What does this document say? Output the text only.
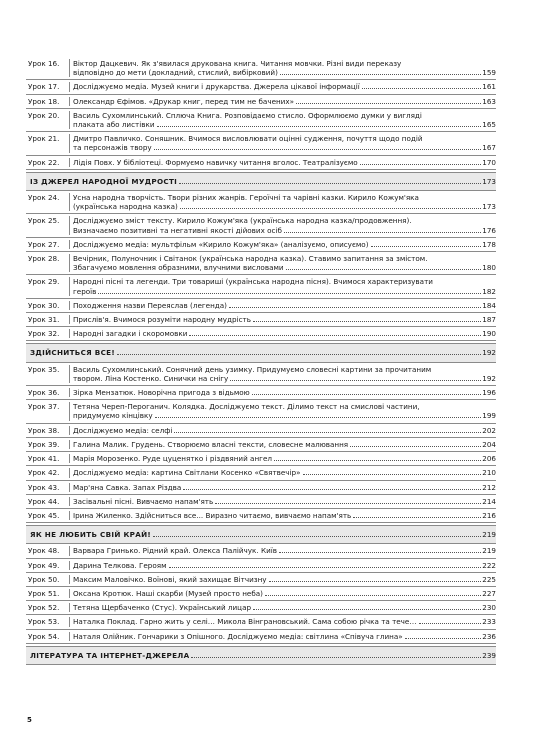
Урок 16.	Віктор Дацкевич. Як з'явилася друкована книга. Читання мовчки. Різні види переказу
відповідно до мети (докладний, стислий, вибірковий)	159
Урок 17.	Досліджуємо медіа. Музей книги і друкарства. Джерела цікавої інформації	161
Урок 18.	Олександр Єфімов. «Друкар книг, перед тим не бачених»	163
Урок 20.	Василь Сухомлинський. Сплюча Книга. Розповідаємо стисло. Оформлюємо думки у вигляді
плаката або листівки	165
Урок 21.	Дмитро Павличко. Соняшник. Вчимося висловлювати оцінні судження, почуття щодо подій
та персонажів твору	167
Урок 22.	Лідія Повх. У бібліотеці. Формуємо навичку читання вголос. Театралізуємо	170
ІЗ ДЖЕРЕЛ НАРОДНОЇ МУДРОСТІ	173
Урок 24.	Усна народна творчість. Твори різних жанрів. Героїчні та чарівні казки. Кирило Кожум'яка
(українська народна казка)	173
Урок 25.	Досліджуємо зміст тексту. Кирило Кожум'яка (українська народна казка/продовження).
Визначаємо позитивні та негативні якості дійових осіб	176
Урок 27.	Досліджуємо медіа: мультфільм «Кирило Кожум'яка» (аналізуємо, описуємо)	178
Урок 28.	Вечірник, Полуночник і Світанок (українська народна казка). Ставимо запитання за змістом.
Збагачуємо мовлення образними, влучними висловами	180
Урок 29.	Народні пісні та легенди. Три товариші (українська народна пісня). Вчимося характеризувати
героїв	182
Урок 30.	Походження назви Переяслав (легенда)	184
Урок 31.	Прислів'я. Вчимося розуміти народну мудрість	187
Урок 32.	Народні загадки і скоромовки	190
ЗДІЙСНИТЬСЯ ВСЕ!	192
Урок 35.	Василь Сухомлинський. Сонячний день узимку. Придумуємо словесні картини за прочитаним
твором. Ліна Костенко. Синички на снігу	192
Урок 36.	Зірка Мензатюк. Новорічна пригода з відьмою	196
Урок 37.	Тетяна Череп-Пероганич. Колядка. Досліджуємо текст. Ділимо текст на смислові частини,
придумуємо кінцівку	199
Урок 38.	Досліджуємо медіа: селфі	202
Урок 39.	Галина Малик. Грудень. Створюємо власні тексти, словесне малювання	204
Урок 41.	Марія Морозенко. Руде цуценятко і різдвяний ангел	206
Урок 42.	Досліджуємо медіа: картина Світлани Косенко «Святвечір»	210
Урок 43.	Мар'яна Савка. Запах Різдва	212
Урок 44.	Засівальні пісні. Вивчаємо напам'ять	214
Урок 45.	Ірина Жиленко. Здійсниться все... Виразно читаємо, вивчаємо напам'ять	216
ЯК НЕ ЛЮБИТЬ СВІЙ КРАЙ!	219
Урок 48.	Варвара Гринько. Рідний край. Олекса Палійчук. Київ	219
Урок 49.	Дарина Телкова. Героям	222
Урок 50.	Максим Маловічко. Воїнові, який захищає Вітчизну	225
Урок 51.	Оксана Кротюк. Наші скарби (Музей просто неба)	227
Урок 52.	Тетяна Щербаченко (Стус). Український лицар	230
Урок 53.	Наталка Поклад. Гарно жить у селі… Микола Вінграновський. Сама собою річка та тече…	233
Урок 54.	Наталя Олійник. Гончарики з Опішного. Досліджуємо медіа: світлина «Співуча глина»	236
ЛІТЕРАТУРА ТА ІНТЕРНЕТ-ДЖЕРЕЛА	239
5
